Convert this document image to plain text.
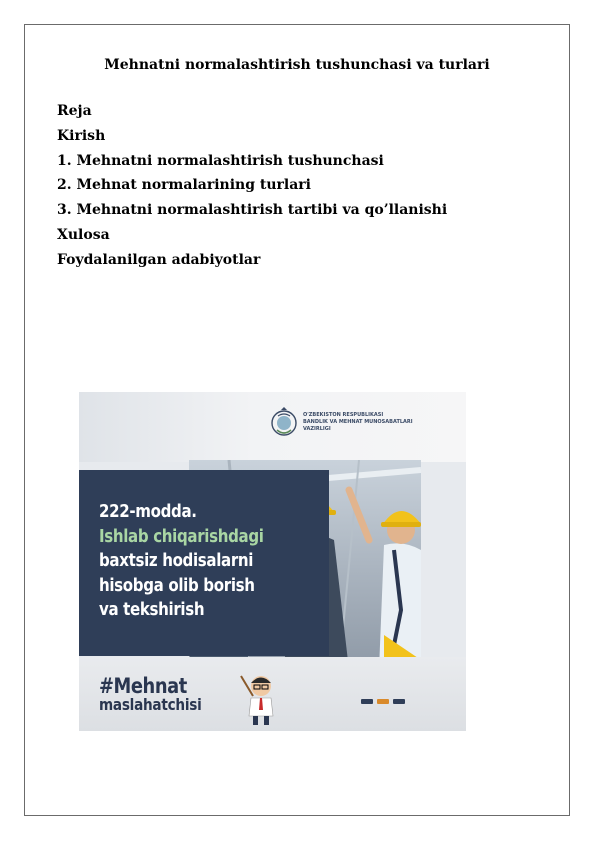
Mehnatni normalashtirish tushunchasi va turlari
Reja
Kirish
1. Mehnatni normalashtirish tushunchasi
2. Mehnat normalarining turlari
3. Mehnatni normalashtirish tartibi va qo’llanishi
Xulosa
Foydalanilgan adabiyotlar
O'ZBEKISTON RESPUBLIKASI
BANDLIK VA MEHNAT MUNOSABATLARI
VAZIRLIGI
222-modda.
Ishlab chiqarishdagi
baxtsiz hodisalarni
hisobga olib borish
va tekshirish
#Mehnat
maslahatchisi
